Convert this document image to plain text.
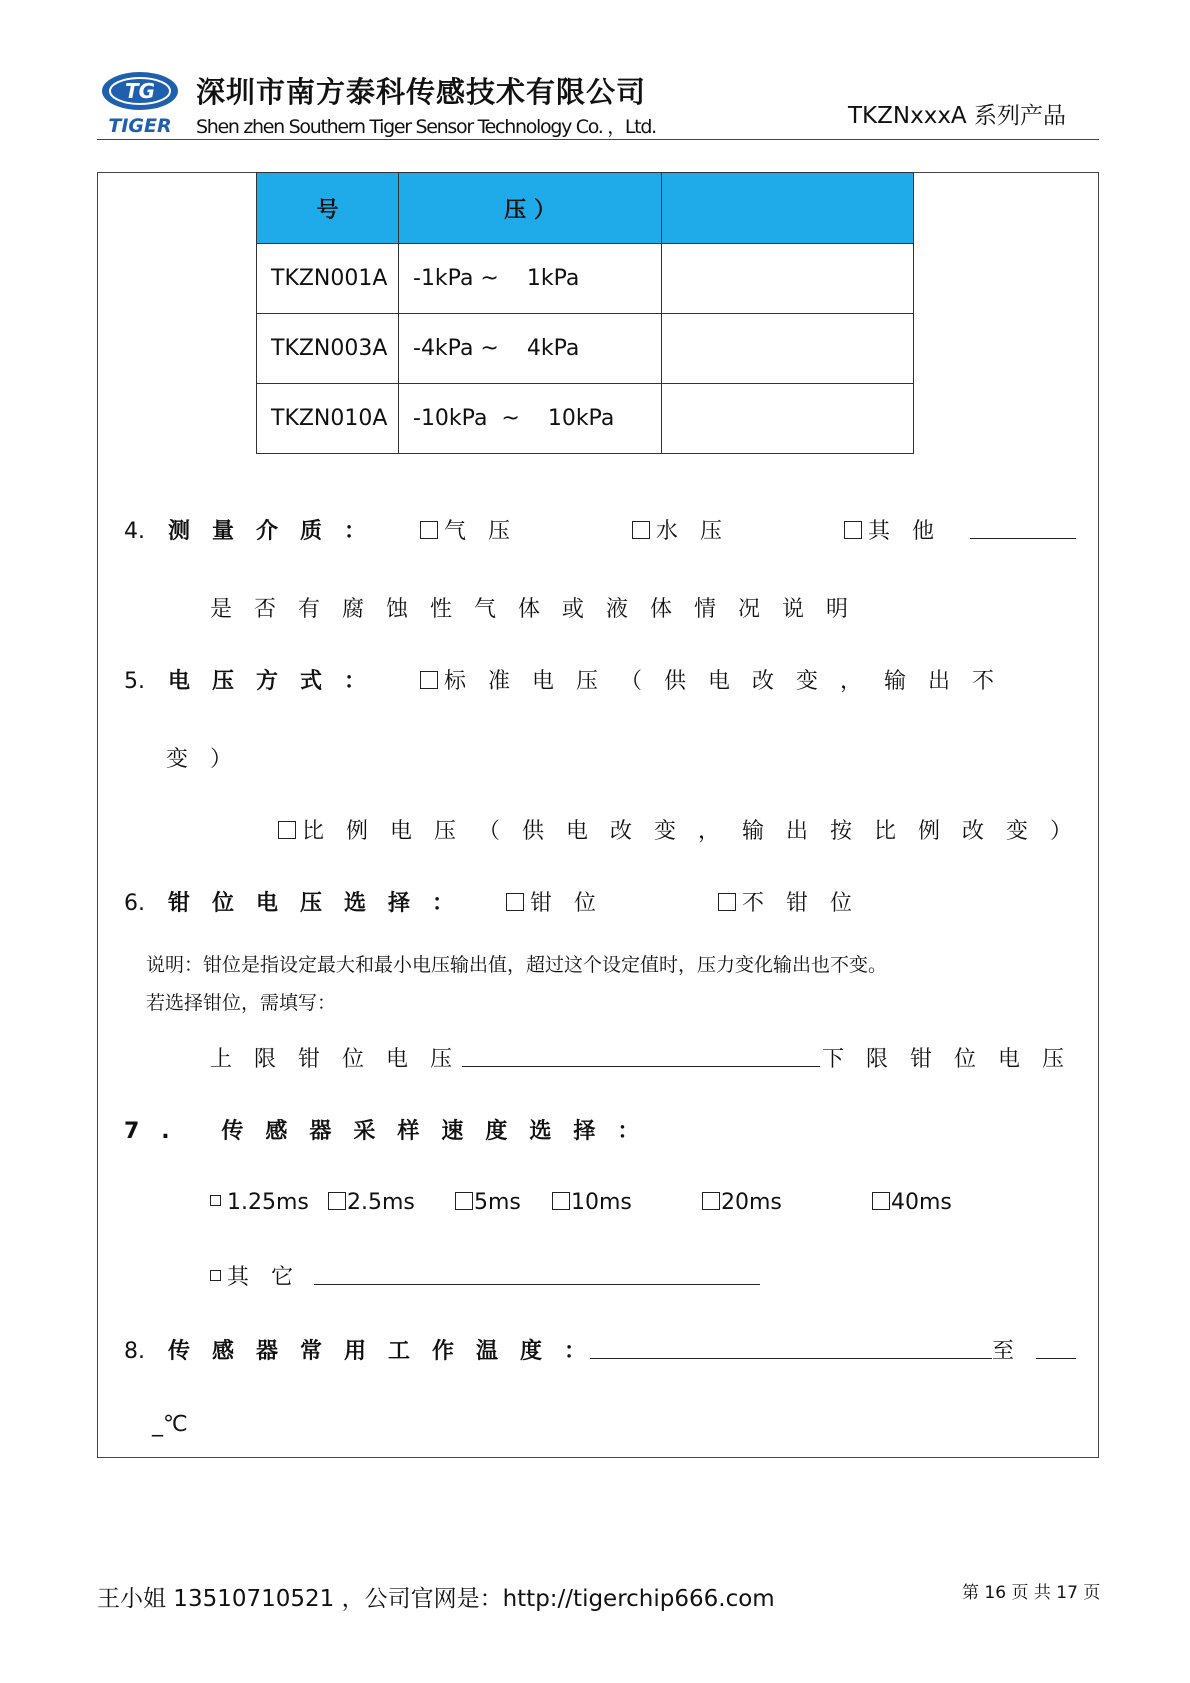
TG
TIGER
深圳市南方泰科传感技术有限公司
Shen zhen Southern Tiger Sensor Technology Co. ，Ltd.	TKZNxxxA 系列产品
号	压 ）	
TKZN001A	-1kPa ~    1kPa	
TKZN003A	-4kPa ~    4kPa	
TKZN010A	-10kPa  ~    10kPa	
4. 测量介质：	气压	水压	其他
是否有腐蚀性气体或液体情况说明
5. 电压方式：	标准电压（供电改变，输出不
变）
比例电压（供电改变，输出按比例改变）
6. 钳位电压选择：	钳位	不钳位
说明：钳位是指设定最大和最小电压输出值，超过这个设定值时，压力变化输出也不变。
若选择钳位，需填写：
上限钳位电压	下限钳位电压
7. 传感器采样速度选择：
1.25ms	2.5ms	5ms	10ms	20ms	40ms
其它
8. 传感器常用工作温度：	至
_℃
王小姐 13510710521 ，公司官网是：http://tigerchip666.com	第 16 页 共 17 页
